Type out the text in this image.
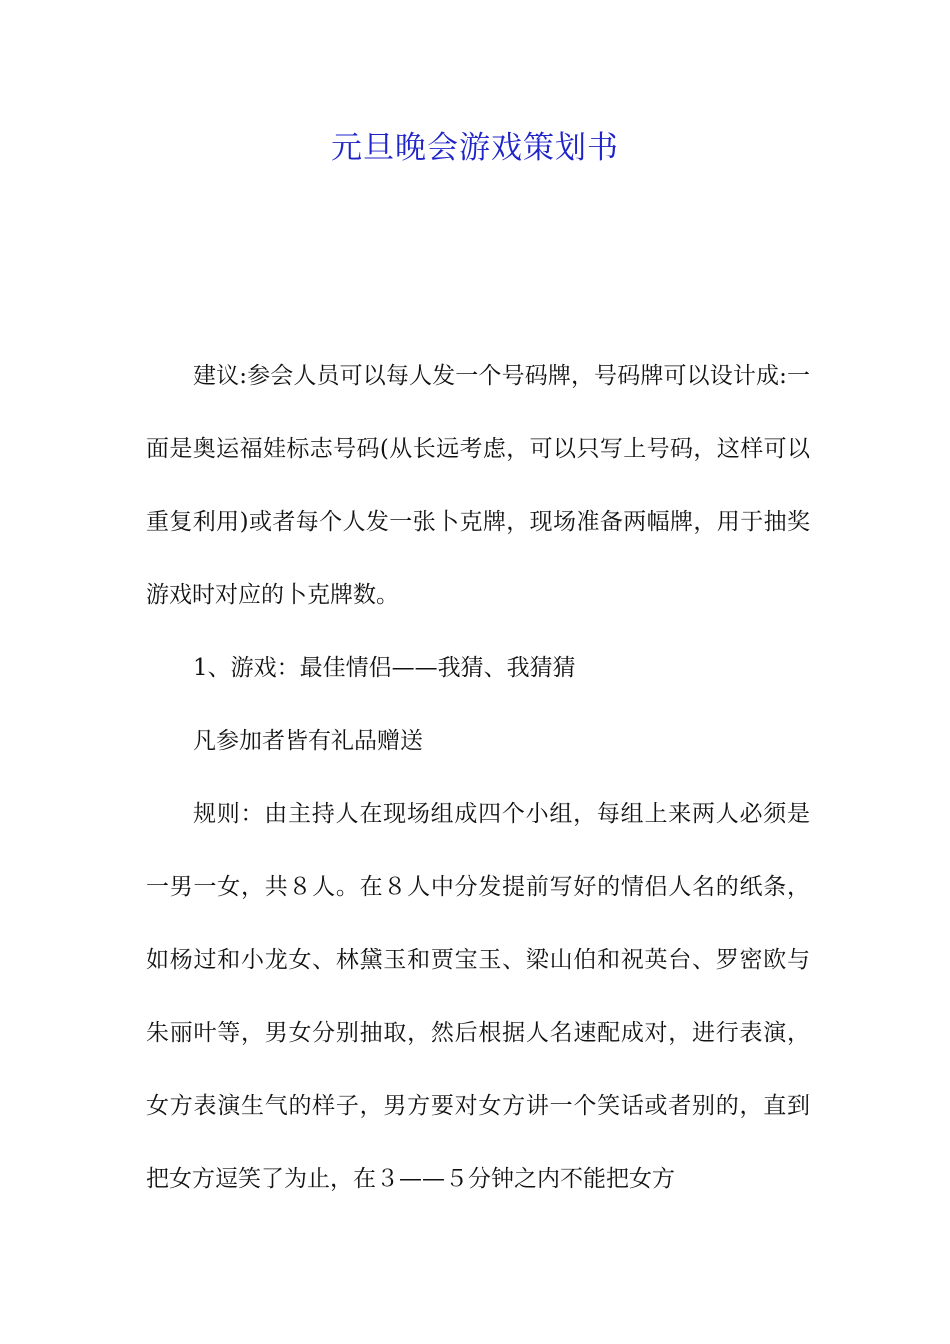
元旦晚会游戏策划书

建议:参会人员可以每人发一个号码牌，号码牌可以设计成:一面是奥运福娃标志号码(从长远考虑，可以只写上号码，这样可以重复利用)或者每个人发一张卜克牌，现场准备两幅牌，用于抽奖游戏时对应的卜克牌数。

1、游戏：最佳情侣——我猜、我猜猜

凡参加者皆有礼品赠送

规则：由主持人在现场组成四个小组，每组上来两人必须是一男一女，共８人。在８人中分发提前写好的情侣人名的纸条，如杨过和小龙女、林黛玉和贾宝玉、梁山伯和祝英台、罗密欧与朱丽叶等，男女分别抽取，然后根据人名速配成对，进行表演，女方表演生气的样子，男方要对女方讲一个笑话或者别的，直到把女方逗笑了为止，在３——５分钟之内不能把女方
